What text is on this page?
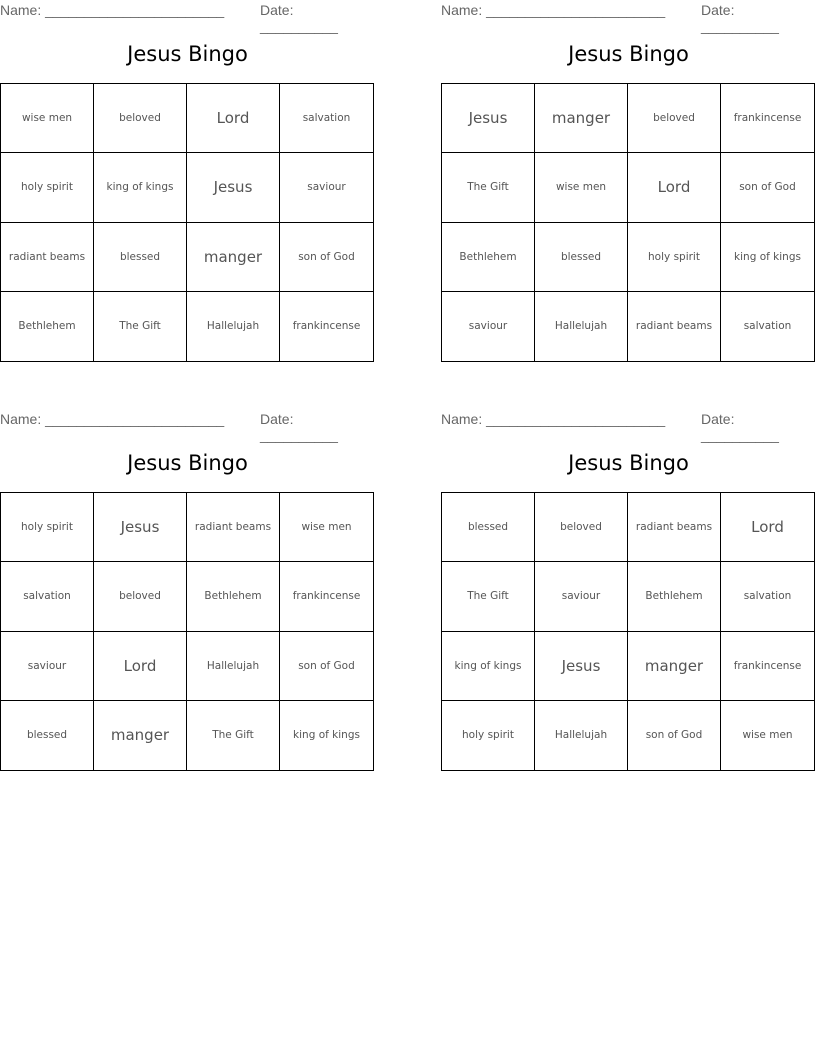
Name: _______________________	Date: __________
Jesus Bingo
wise men	beloved	Lord	salvation
holy spirit	king of kings	Jesus	saviour
radiant beams	blessed	manger	son of God
Bethlehem	The Gift	Hallelujah	frankincense
Name: _______________________	Date: __________
Jesus Bingo
Jesus	manger	beloved	frankincense
The Gift	wise men	Lord	son of God
Bethlehem	blessed	holy spirit	king of kings
saviour	Hallelujah	radiant beams	salvation
Name: _______________________	Date: __________
Jesus Bingo
holy spirit	Jesus	radiant beams	wise men
salvation	beloved	Bethlehem	frankincense
saviour	Lord	Hallelujah	son of God
blessed	manger	The Gift	king of kings
Name: _______________________	Date: __________
Jesus Bingo
blessed	beloved	radiant beams	Lord
The Gift	saviour	Bethlehem	salvation
king of kings	Jesus	manger	frankincense
holy spirit	Hallelujah	son of God	wise men
